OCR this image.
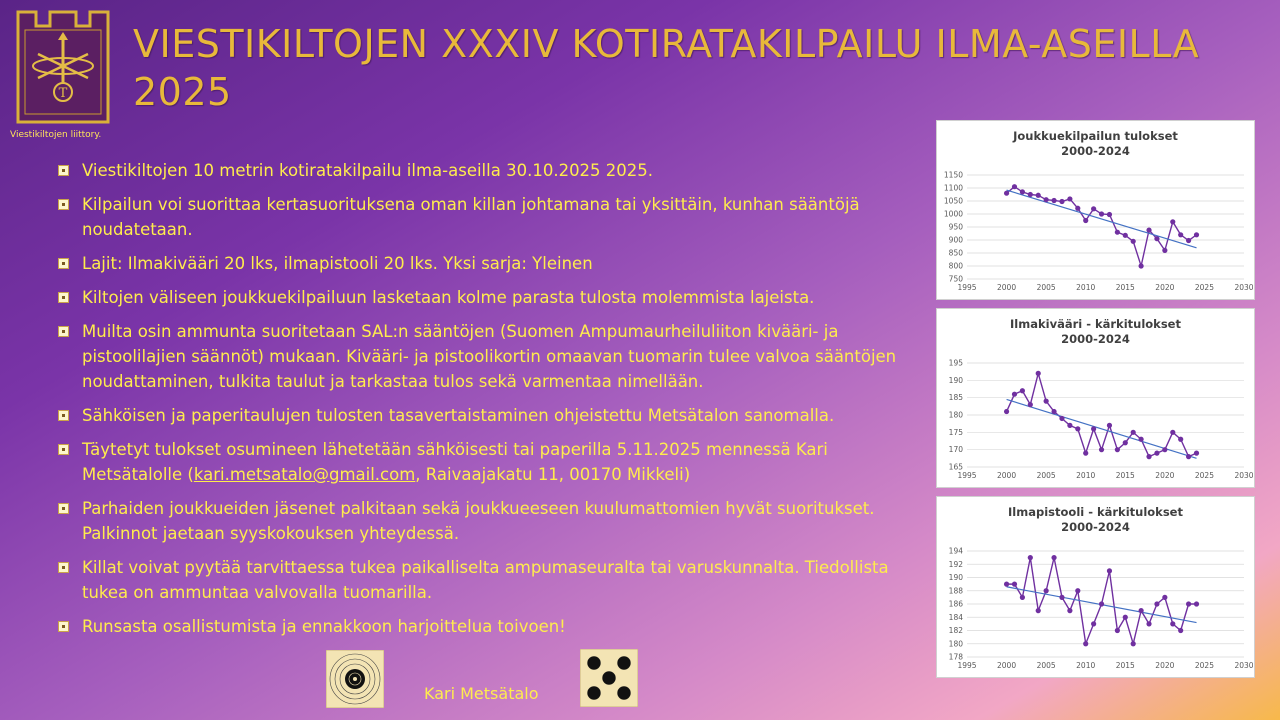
T
Viestikiltojen liittory.
VIESTIKILTOJEN XXXIV KOTIRATAKILPAILU ILMA-ASEILLA 2025
Viestikiltojen 10 metrin kotiratakilpailu ilma-aseilla 30.10.2025 2025.
Kilpailun voi suorittaa kertasuorituksena oman killan johtamana tai yksittäin, kunhan sääntöjä noudatetaan.
Lajit: Ilmakivääri 20 lks, ilmapistooli 20 lks. Yksi sarja: Yleinen
Kiltojen väliseen joukkuekilpailuun lasketaan kolme parasta tulosta molemmista lajeista.
Muilta osin ammunta suoritetaan SAL:n sääntöjen (Suomen Ampumaurheiluliiton kivääri- ja pistoolilajien säännöt) mukaan. Kivääri- ja pistoolikortin omaavan tuomarin tulee valvoa sääntöjen noudattaminen, tulkita taulut ja tarkastaa tulos sekä varmentaa nimellään.
Sähköisen ja paperitaulujen tulosten tasavertaistaminen ohjeistettu Metsätalon sanomalla.
Täytetyt tulokset osumineen lähetetään sähköisesti tai paperilla 5.11.2025 mennessä Kari Metsätalolle (kari.metsatalo@gmail.com, Raivaajakatu 11, 00170 Mikkeli)
Parhaiden joukkueiden jäsenet palkitaan sekä joukkueeseen kuulumattomien hyvät suoritukset. Palkinnot jaetaan syyskokouksen yhteydessä.
Killat voivat pyytää tarvittaessa tukea paikalliselta ampumaseuralta tai varuskunnalta. Tiedollista tukea on ammuntaa valvovalla tuomarilla.
Runsasta osallistumista ja ennakkoon harjoittelua toivoen!
Joukkuekilpailun tulokset
2000-2024
750
800
850
900
950
1000
1050
1100
1150
1995	2000	2005	2010	2015	2020	2025	2030
Ilmakivääri - kärkitulokset
2000-2024
165
170
175
180
185
190
195
1995	2000	2005	2010	2015	2020	2025	2030
Ilmapistooli - kärkitulokset
2000-2024
178
180
182
184
186
188
190
192
194
1995	2000	2005	2010	2015	2020	2025	2030
Kari Metsätalo
